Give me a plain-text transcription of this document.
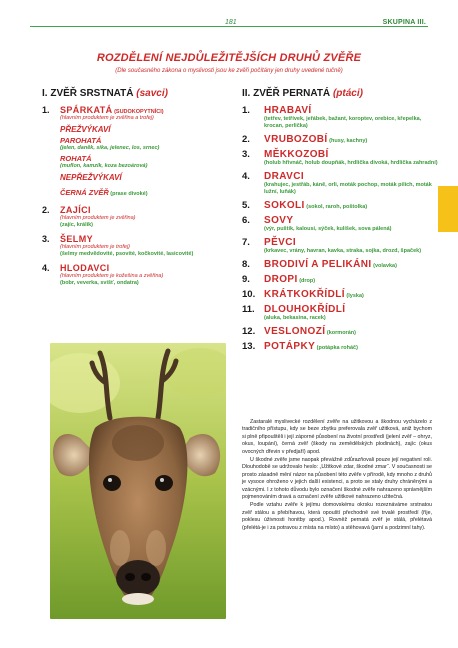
181	SKUPINA III.
ROZDĚLENÍ NEJDŮLEŽITĚJŠÍCH DRUHŮ ZVĚŘE
(Dle současného zákona o myslivosti jsou ke zvěři počítány jen druhy uvedené tučně)
I. ZVĚŘ SRSTNATÁ (savci)
1. SPÁRKATÁ (SUDOKOPYTNÍCI)
(hlavním produktem je zvěřina a trofej)
PŘEŽVÝKAVÍ
PAROHATÁ
(jelen, daněk, sika, jelenec, los, srnec)
ROHATÁ
(muflon, kamzík, koza bezoárová)
NEPŘEŽVÝKAVÍ
ČERNÁ ZVĚŘ (prase divoké)
2. ZAJÍCI
(hlavním produktem je zvěřina)
(zajíc, králík)
3. ŠELMY
(hlavním produktem je trofej)
(šelmy medvědovité, psovité, kočkovité, lasicovité)
4. HLODAVCI
(hlavním produktem je kožešina a zvěřina)
(bobr, veverka, svišť, ondatra)
II. ZVĚŘ PERNATÁ (ptáci)
1. HRABAVÍ
(tetřev, tetřívek, jeřábek, bažant, koroptev, orebice, křepelka, krocan, perlička)
2. VRUBOZOBÍ (husy, kachny)
3. MĚKKOZOBÍ
(holub hřivnáč, holub doupňák, hrdlička divoká, hrdlička zahradní)
4. DRAVCI
(krahujec, jestřáb, káně, orli, moták pochop, moták pilich, moták lužní, luňák)
5. SOKOLI (sokol, raroh, poštolka)
6. SOVY
(výr, puštík, kalousi, sýček, kulíšek, sova pálená)
7. PĚVCI
(krkavec, vrány, havran, kavka, straka, sojka, drozd, špaček)
8. BRODIVÍ A PELIKÁNI (volavka)
9. DROPI (drop)
10. KRÁTKOKŘÍDLÍ (lyska)
11. DLOUHOKŘÍDLÍ
(aluka, bekasina, racek)
12. VESLONOZÍ (kormorán)
13. POTÁPKY (potápka roháč)

Zastaralé myslivecké rozdělení zvěře na užitkovou a škodnou vycházelo z tradičního přístupu, kdy se beze zbytku preferovala zvěř užitková, aniž bychom si plně připouštěli i její záporné působení na životní prostředí (jelení zvěř – ohryz, okus, loupání), černá zvěř (škody na zemědělských plodinách), zajíc (okus ovocných dřevin v předjaří) apod.

U škodné zvěře jsme naopak převážně zdůrazňovali pouze její negativní roli. Dlouhodobě se udržovalo heslo: „Užitkové zdar, škodné zmar“. V současnosti se prosto zásadně mění názor na působení této zvěře v přírodě, kdy mnoho z druhů je vysoce ohroženo v jejich další existenci, a proto se staly druhy chráněnými a vzácnými. I z tohoto důvodu bylo označení škodné zvěře nahrazeno správnějším pojmenováním dravá a označení zvěře užitkové nahrazeno užitečná.

Podle vztahu zvěře k jejímu domovskému okrsku rozeznáváme srstnatou zvěř stálou a přebíhavou, která opouští přechodně své trvalé prostředí (říje, poklesu úživnosti honitby apod.). Rovněž pernatá zvěř je stálá, přelétavá (přelétá-je i za potravou z místa na místo) a stěhovavá (jarní a podzimní tahy).
